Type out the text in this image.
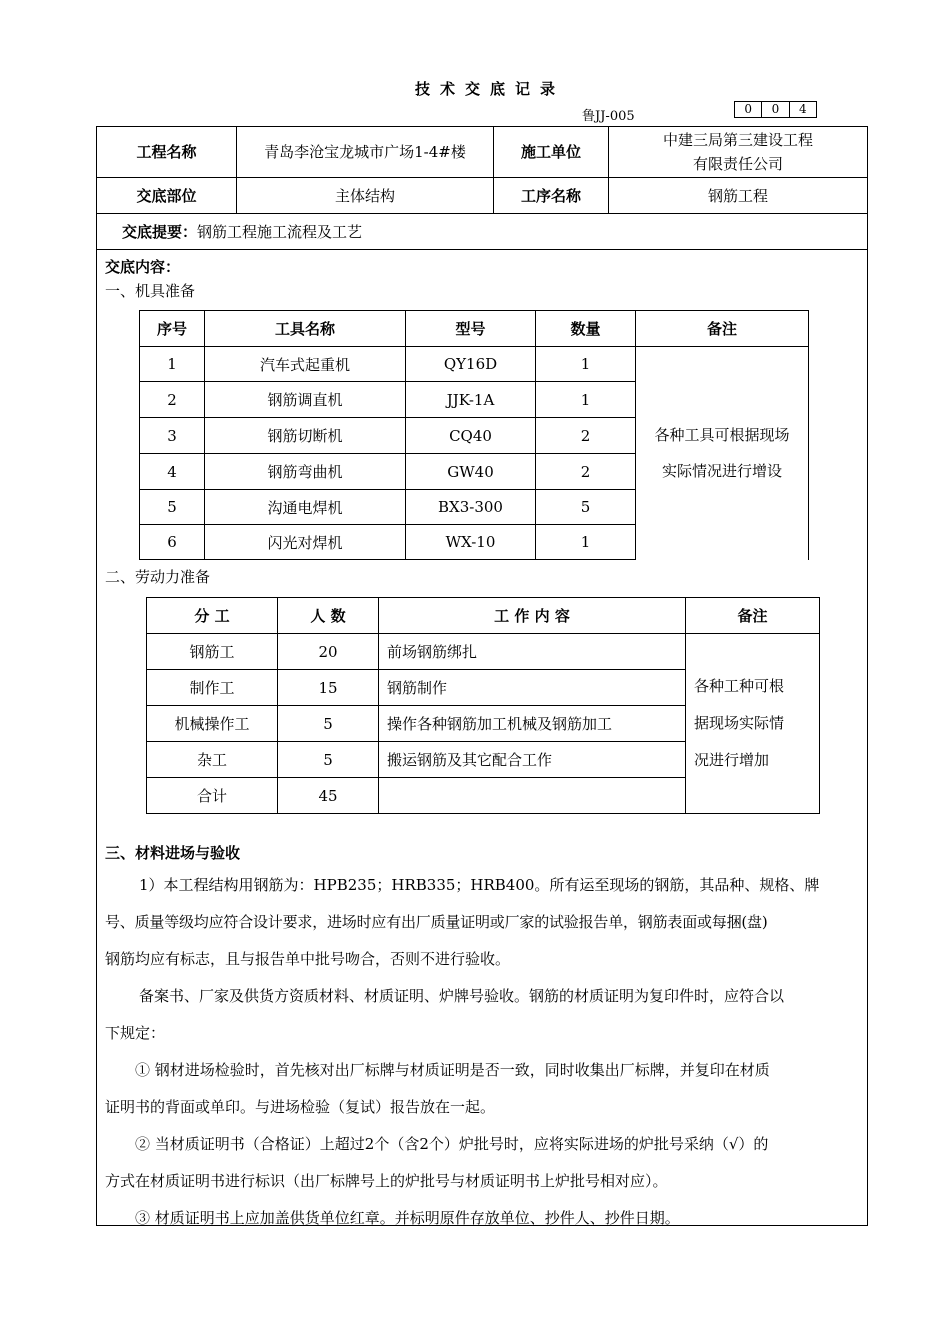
技术交底记录
鲁JJ-005	0	0	4
工程名称	青岛李沧宝龙城市广场1-4#楼	施工单位
中建三局第三建设工程
有限责任公司
交底部位	主体结构	工序名称	钢筋工程
交底提要： 钢筋工程施工流程及工艺
交底内容：
一、机具准备
序号	工具名称	型号	数量	备注
1	汽车式起重机	QY16D	1	各种工具可根据现场
实际情况进行增设

2	钢筋调直机	JJK-1A	1	
3	钢筋切断机	CQ40	2	
4	钢筋弯曲机	GW40	2	
5	沟通电焊机	BX3-300	5	
6	闪光对焊机	WX-10	1	
二、劳动力准备
分 工	人 数	工 作 内 容	备注
钢筋工	20	前场钢筋绑扎	各种工种可根
据现场实际情
况进行增加

制作工	15	钢筋制作	
机械操作工	5	操作各种钢筋加工机械及钢筋加工	
杂工	5	搬运钢筋及其它配合工作	
合计	45		
三、材料进场与验收
1）本工程结构用钢筋为：HPB235；HRB335；HRB400。所有运至现场的钢筋，其品种、规格、牌
号、质量等级均应符合设计要求，进场时应有出厂质量证明或厂家的试验报告单，钢筋表面或每捆(盘)
钢筋均应有标志，且与报告单中批号吻合，否则不进行验收。
备案书、厂家及供货方资质材料、材质证明、炉牌号验收。钢筋的材质证明为复印件时，应符合以
下规定：
① 钢材进场检验时，首先核对出厂标牌与材质证明是否一致，同时收集出厂标牌，并复印在材质
证明书的背面或单印。与进场检验（复试）报告放在一起。
② 当材质证明书（合格证）上超过2个（含2个）炉批号时，应将实际进场的炉批号采纳（√）的
方式在材质证明书进行标识（出厂标牌号上的炉批号与材质证明书上炉批号相对应）。
③ 材质证明书上应加盖供货单位红章。并标明原件存放单位、抄件人、抄件日期。
